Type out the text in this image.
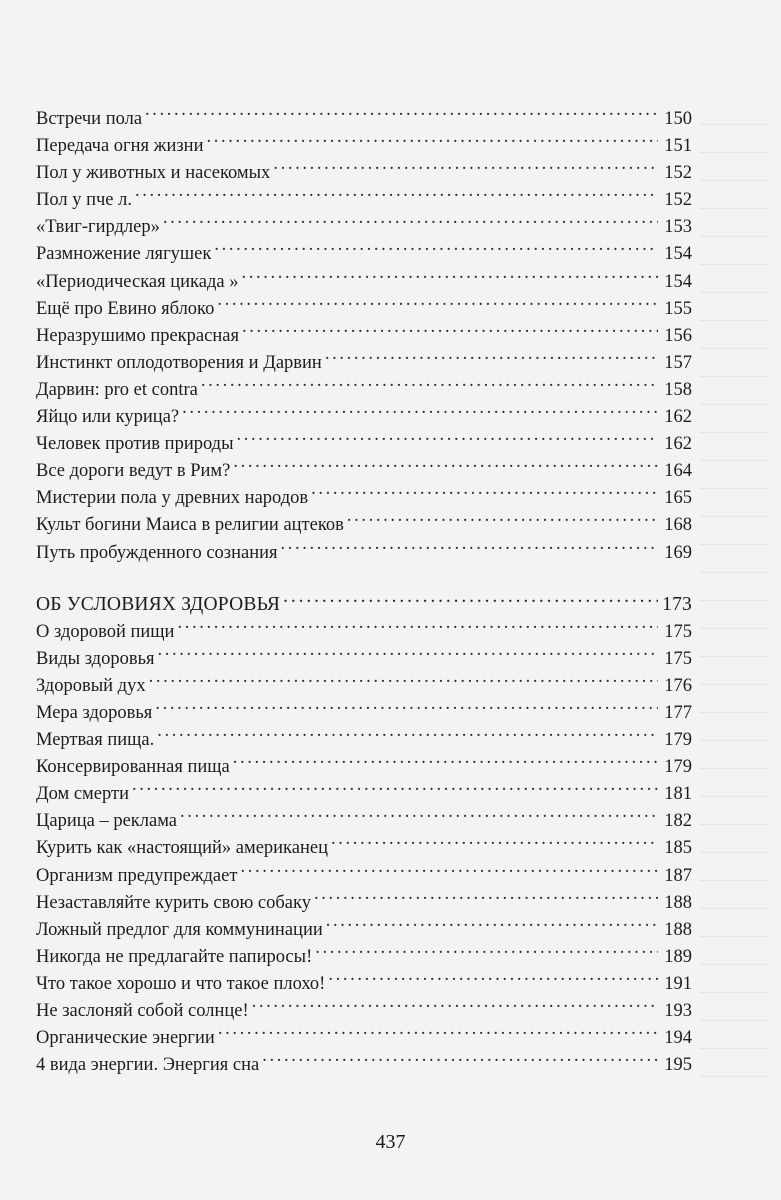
Встречи пола . . .	150
Передача огня жизни . . .	151
Пол у животных и насекомых . . .	152
Пол у пче л. . . .	152
«Твиг-гирдлер» . . .	153
Размножение лягушек . . .	154
«Периодическая цикада » . . .	154
Ещё про Евино яблоко . . .	155
Неразрушимо прекрасная . . .	156
Инстинкт оплодотворения и Дарвин . . .	157
Дарвин: pro et contra . . .	158
Яйцо или курица? . . .	162
Человек против природы . . .	162
Все дороги ведут в Рим? . . .	164
Мистерии пола у древних народов . . .	165
Культ богини Маиса в религии ацтеков . . .	168
Путь пробужденного сознания . . .	169
ОБ УСЛОВИЯХ ЗДОРОВЬЯ . . .	173
О здоровой пищи . . .	175
Виды здоровья . . .	175
Здоровый дух . . .	176
Мера здоровья . . .	177
Мертвая пища. . . .	179
Консервированная пища . . .	179
Дом смерти . . .	181
Царица – реклама . . .	182
Курить как «настоящий» американец . . .	185
Организм предупреждает . . .	187
Незаставляйте курить свою собаку . . .	188
Ложный предлог для коммунинации . . .	188
Никогда не предлагайте папиросы! . . .	189
Что такое хорошо и что такое плохо! . . .	191
Не заслоняй собой солнце! . . .	193
Органические энергии . . .	194
4 вида энергии. Энергия сна . . .	195
437
